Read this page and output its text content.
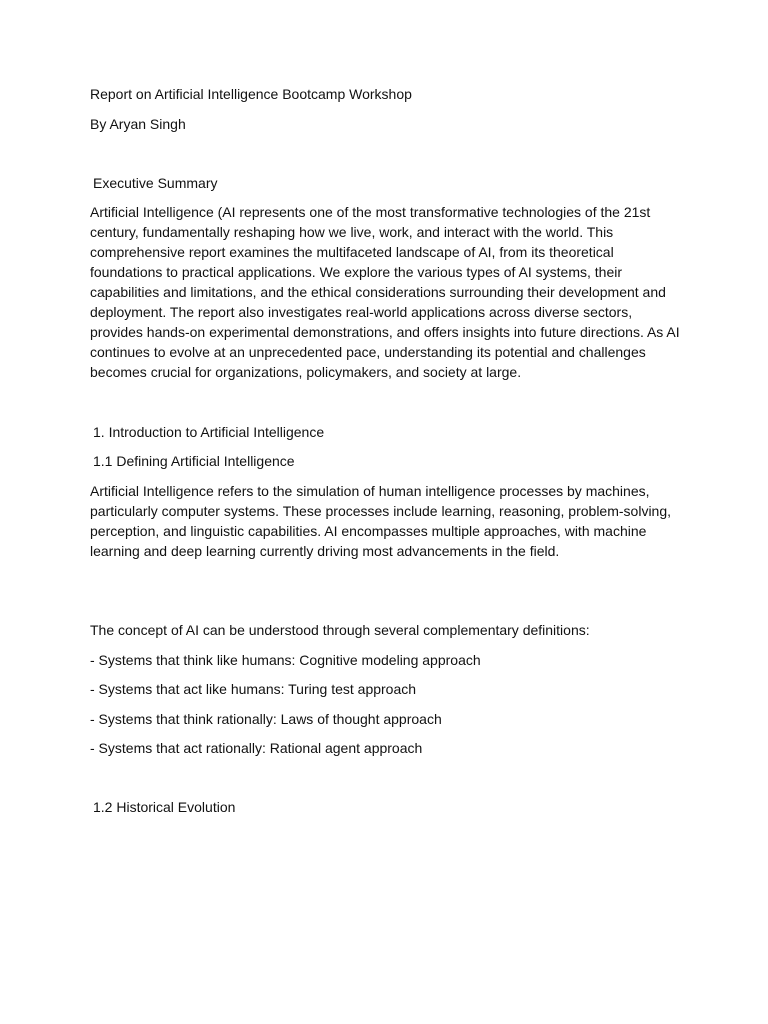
Report on Artificial Intelligence Bootcamp Workshop

By Aryan Singh

Executive Summary

Artificial Intelligence (AI represents one of the most transformative technologies of the 21st century, fundamentally reshaping how we live, work, and interact with the world. This comprehensive report examines the multifaceted landscape of AI, from its theoretical foundations to practical applications. We explore the various types of AI systems, their capabilities and limitations, and the ethical considerations surrounding their development and deployment. The report also investigates real-world applications across diverse sectors, provides hands-on experimental demonstrations, and offers insights into future directions. As AI continues to evolve at an unprecedented pace, understanding its potential and challenges becomes crucial for organizations, policymakers, and society at large.

1. Introduction to Artificial Intelligence

1.1 Defining Artificial Intelligence

Artificial Intelligence refers to the simulation of human intelligence processes by machines, particularly computer systems. These processes include learning, reasoning, problem-solving, perception, and linguistic capabilities. AI encompasses multiple approaches, with machine learning and deep learning currently driving most advancements in the field.

The concept of AI can be understood through several complementary definitions:

- Systems that think like humans: Cognitive modeling approach
- Systems that act like humans: Turing test approach
- Systems that think rationally: Laws of thought approach
- Systems that act rationally: Rational agent approach

1.2 Historical Evolution
